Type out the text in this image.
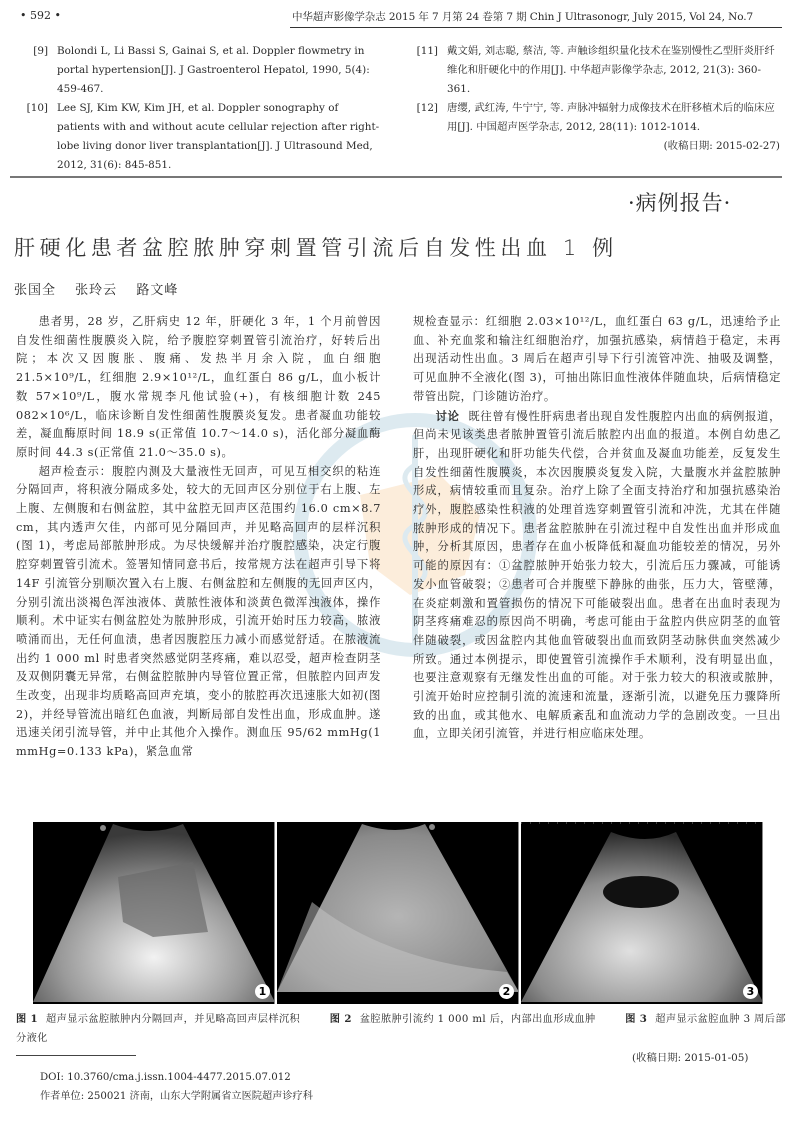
• 592 •	中华超声影像学杂志 2015 年 7 月第 24 卷第 7 期 Chin J Ultrasonogr, July 2015, Vol 24, No.7
[9] Bolondi L, Li Bassi S, Gainai S, et al. Doppler flowmetry in portal hypertension[J]. J Gastroenterol Hepatol, 1990, 5(4): 459-467.
[10] Lee SJ, Kim KW, Kim JH, et al. Doppler sonography of patients with and without acute cellular rejection after right-lobe living donor liver transplantation[J]. J Ultrasound Med, 2012, 31(6): 845-851.
[11] 戴文娟, 刘志聪, 蔡洁, 等. 声触诊组织量化技术在鉴别慢性乙型肝炎肝纤维化和肝硬化中的作用[J]. 中华超声影像学杂志, 2012, 21(3): 360-361.
[12] 唐缨, 武红涛, 牛宁宁, 等. 声脉冲辐射力成像技术在肝移植术后的临床应用[J]. 中国超声医学杂志, 2012, 28(11): 1012-1014.
(收稿日期: 2015-02-27)
·病例报告·
肝硬化患者盆腔脓肿穿刺置管引流后自发性出血 1 例
张国全 张玲云 路文峰

患者男，28 岁，乙肝病史 12 年，肝硬化 3 年，1 个月前曾因自发性细菌性腹膜炎入院，给予腹腔穿刺置管引流治疗，好转后出院；本次又因腹胀、腹痛、发热半月余入院，血白细胞 21.5×10⁹/L，红细胞 2.9×10¹²/L，血红蛋白 86 g/L，血小板计数 57×10⁹/L，腹水常规李凡他试验(+)，有核细胞计数 245 082×10⁶/L，临床诊断自发性细菌性腹膜炎复发。患者凝血功能较差，凝血酶原时间 18.9 s(正常值 10.7～14.0 s)，活化部分凝血酶原时间 44.3 s(正常值 21.0～35.0 s)。

超声检查示：腹腔内测及大量液性无回声，可见互相交织的粘连分隔回声，将积液分隔成多处，较大的无回声区分别位于右上腹、左上腹、左侧腹和右侧盆腔，其中盆腔无回声区范围约 16.0 cm×8.7 cm，其内透声欠佳，内部可见分隔回声，并见略高回声的层样沉积(图 1)，考虑局部脓肿形成。为尽快缓解并治疗腹腔感染，决定行腹腔穿刺置管引流术。签署知情同意书后，按常规方法在超声引导下将 14F 引流管分别顺次置入右上腹、右侧盆腔和左侧腹的无回声区内，分别引流出淡褐色浑浊液体、黄脓性液体和淡黄色微浑浊液体，操作顺利。术中证实右侧盆腔处为脓肿形成，引流开始时压力较高，脓液喷涌而出，无任何血渍，患者因腹腔压力减小而感觉舒适。在脓液流出约 1 000 ml 时患者突然感觉阴茎疼痛，难以忍受，超声检查阴茎及双侧阴囊无异常，右侧盆腔脓肿内导管位置正常，但脓腔内回声发生改变，出现非均质略高回声充填，变小的脓腔再次迅速胀大如初(图 2)，并经导管流出暗红色血液，判断局部自发性出血，形成血肿。遂迅速关闭引流导管，并中止其他介入操作。测血压 95/62 mmHg(1 mmHg=0.133 kPa)，紧急血常

规检查显示：红细胞 2.03×10¹²/L，血红蛋白 63 g/L，迅速给予止血、补充血浆和输注红细胞治疗，加强抗感染，病情趋于稳定，未再出现活动性出血。3 周后在超声引导下行引流管冲洗、抽吸及调整，可见血肿不全液化(图 3)，可抽出陈旧血性液体伴随血块，后病情稳定带管出院，门诊随访治疗。

讨论 既往曾有慢性肝病患者出现自发性腹腔内出血的病例报道，但尚未见该类患者脓肿置管引流后脓腔内出血的报道。本例自幼患乙肝，出现肝硬化和肝功能失代偿，合并贫血及凝血功能差，反复发生自发性细菌性腹膜炎，本次因腹膜炎复发入院，大量腹水并盆腔脓肿形成，病情较重而且复杂。治疗上除了全面支持治疗和加强抗感染治疗外，腹腔感染性积液的处理首选穿刺置管引流和冲洗，尤其在伴随脓肿形成的情况下。患者盆腔脓肿在引流过程中自发性出血并形成血肿，分析其原因，患者存在血小板降低和凝血功能较差的情况，另外可能的原因有：①盆腔脓肿开始张力较大，引流后压力骤减，可能诱发小血管破裂；②患者可合并腹壁下静脉的曲张，压力大，管壁薄，在炎症刺激和置管损伤的情况下可能破裂出血。患者在出血时表现为阴茎疼痛难忍的原因尚不明确，考虑可能由于盆腔内供应阴茎的血管伴随破裂，或因盆腔内其他血管破裂出血而致阴茎动脉供血突然减少所致。通过本例提示，即使置管引流操作手术顺利，没有明显出血，也要注意观察有无继发性出血的可能。对于张力较大的积液或脓肿，引流开始时应控制引流的流速和流量，逐渐引流，以避免压力骤降所致的出血，或其他水、电解质紊乱和血流动力学的急剧改变。一旦出血，立即关闭引流管，并进行相应临床处理。

1	2	3
图 1 超声显示盆腔脓肿内分隔回声，并见略高回声层样沉积	图 2 盆腔脓肿引流约 1 000 ml 后，内部出血形成血肿	图 3 超声显示盆腔血肿 3 周后部分液化
(收稿日期: 2015-01-05)
DOI: 10.3760/cma.j.issn.1004-4477.2015.07.012
作者单位: 250021 济南，山东大学附属省立医院超声诊疗科
